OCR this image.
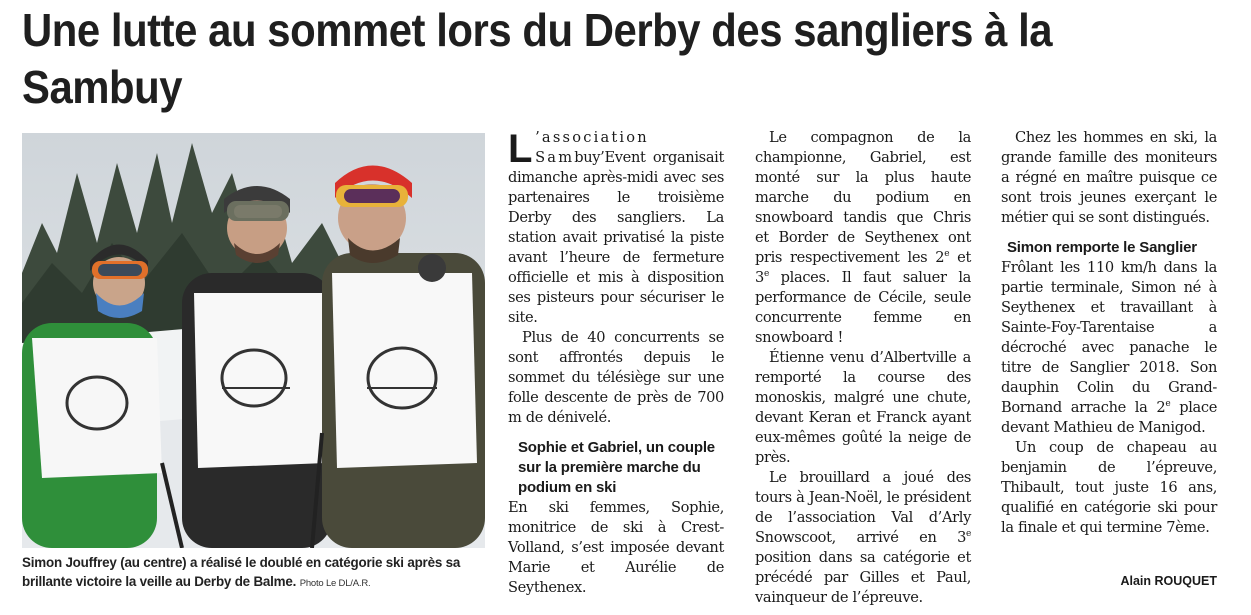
Une lutte au sommet lors du Derby des sangliers à la Sambuy
Simon Jouffrey (au centre) a réalisé le doublé en catégorie ski après sa brillante victoire la veille au Derby de Balme. Photo Le DL/A.R.

L ’association Sambuy’Event organisait dimanche après-midi avec ses partenaires le troisième Derby des sangliers. La station avait privatisé la piste avant l’heure de fermeture officielle et mis à disposition ses pisteurs pour sécuriser le site.

Plus de 40 concurrents se sont affrontés depuis le sommet du télésiège sur une folle descente de près de 700 m de dénivelé.

Sophie et Gabriel, un couple sur la première marche du podium en ski

En ski femmes, Sophie, monitrice de ski à Crest-Volland, s’est imposée devant Marie et Aurélie de Seythenex.

Le compagnon de la championne, Gabriel, est monté sur la plus haute marche du podium en snowboard tandis que Chris et Border de Seythenex ont pris respectivement les 2e et 3e places. Il faut saluer la performance de Cécile, seule concurrente femme en snowboard !

Étienne venu d’Albertville a remporté la course des monoskis, malgré une chute, devant Keran et Franck ayant eux-mêmes goûté la neige de près.

Le brouillard a joué des tours à Jean-Noël, le président de l’association Val d’Arly Snowscoot, arrivé en 3e position dans sa catégorie et précédé par Gilles et Paul, vainqueur de l’épreuve.

Chez les hommes en ski, la grande famille des moniteurs a régné en maître puisque ce sont trois jeunes exerçant le métier qui se sont distingués.

Simon remporte le Sanglier

Frôlant les 110 km/h dans la partie terminale, Simon né à Seythenex et travaillant à Sainte-Foy-Tarentaise a décroché avec panache le titre de Sanglier 2018. Son dauphin Colin du Grand-Bornand arrache la 2e place devant Mathieu de Manigod.

Un coup de chapeau au benjamin de l’épreuve, Thibault, tout juste 16 ans, qualifié en catégorie ski pour la finale et qui termine 7ème.

Alain ROUQUET
